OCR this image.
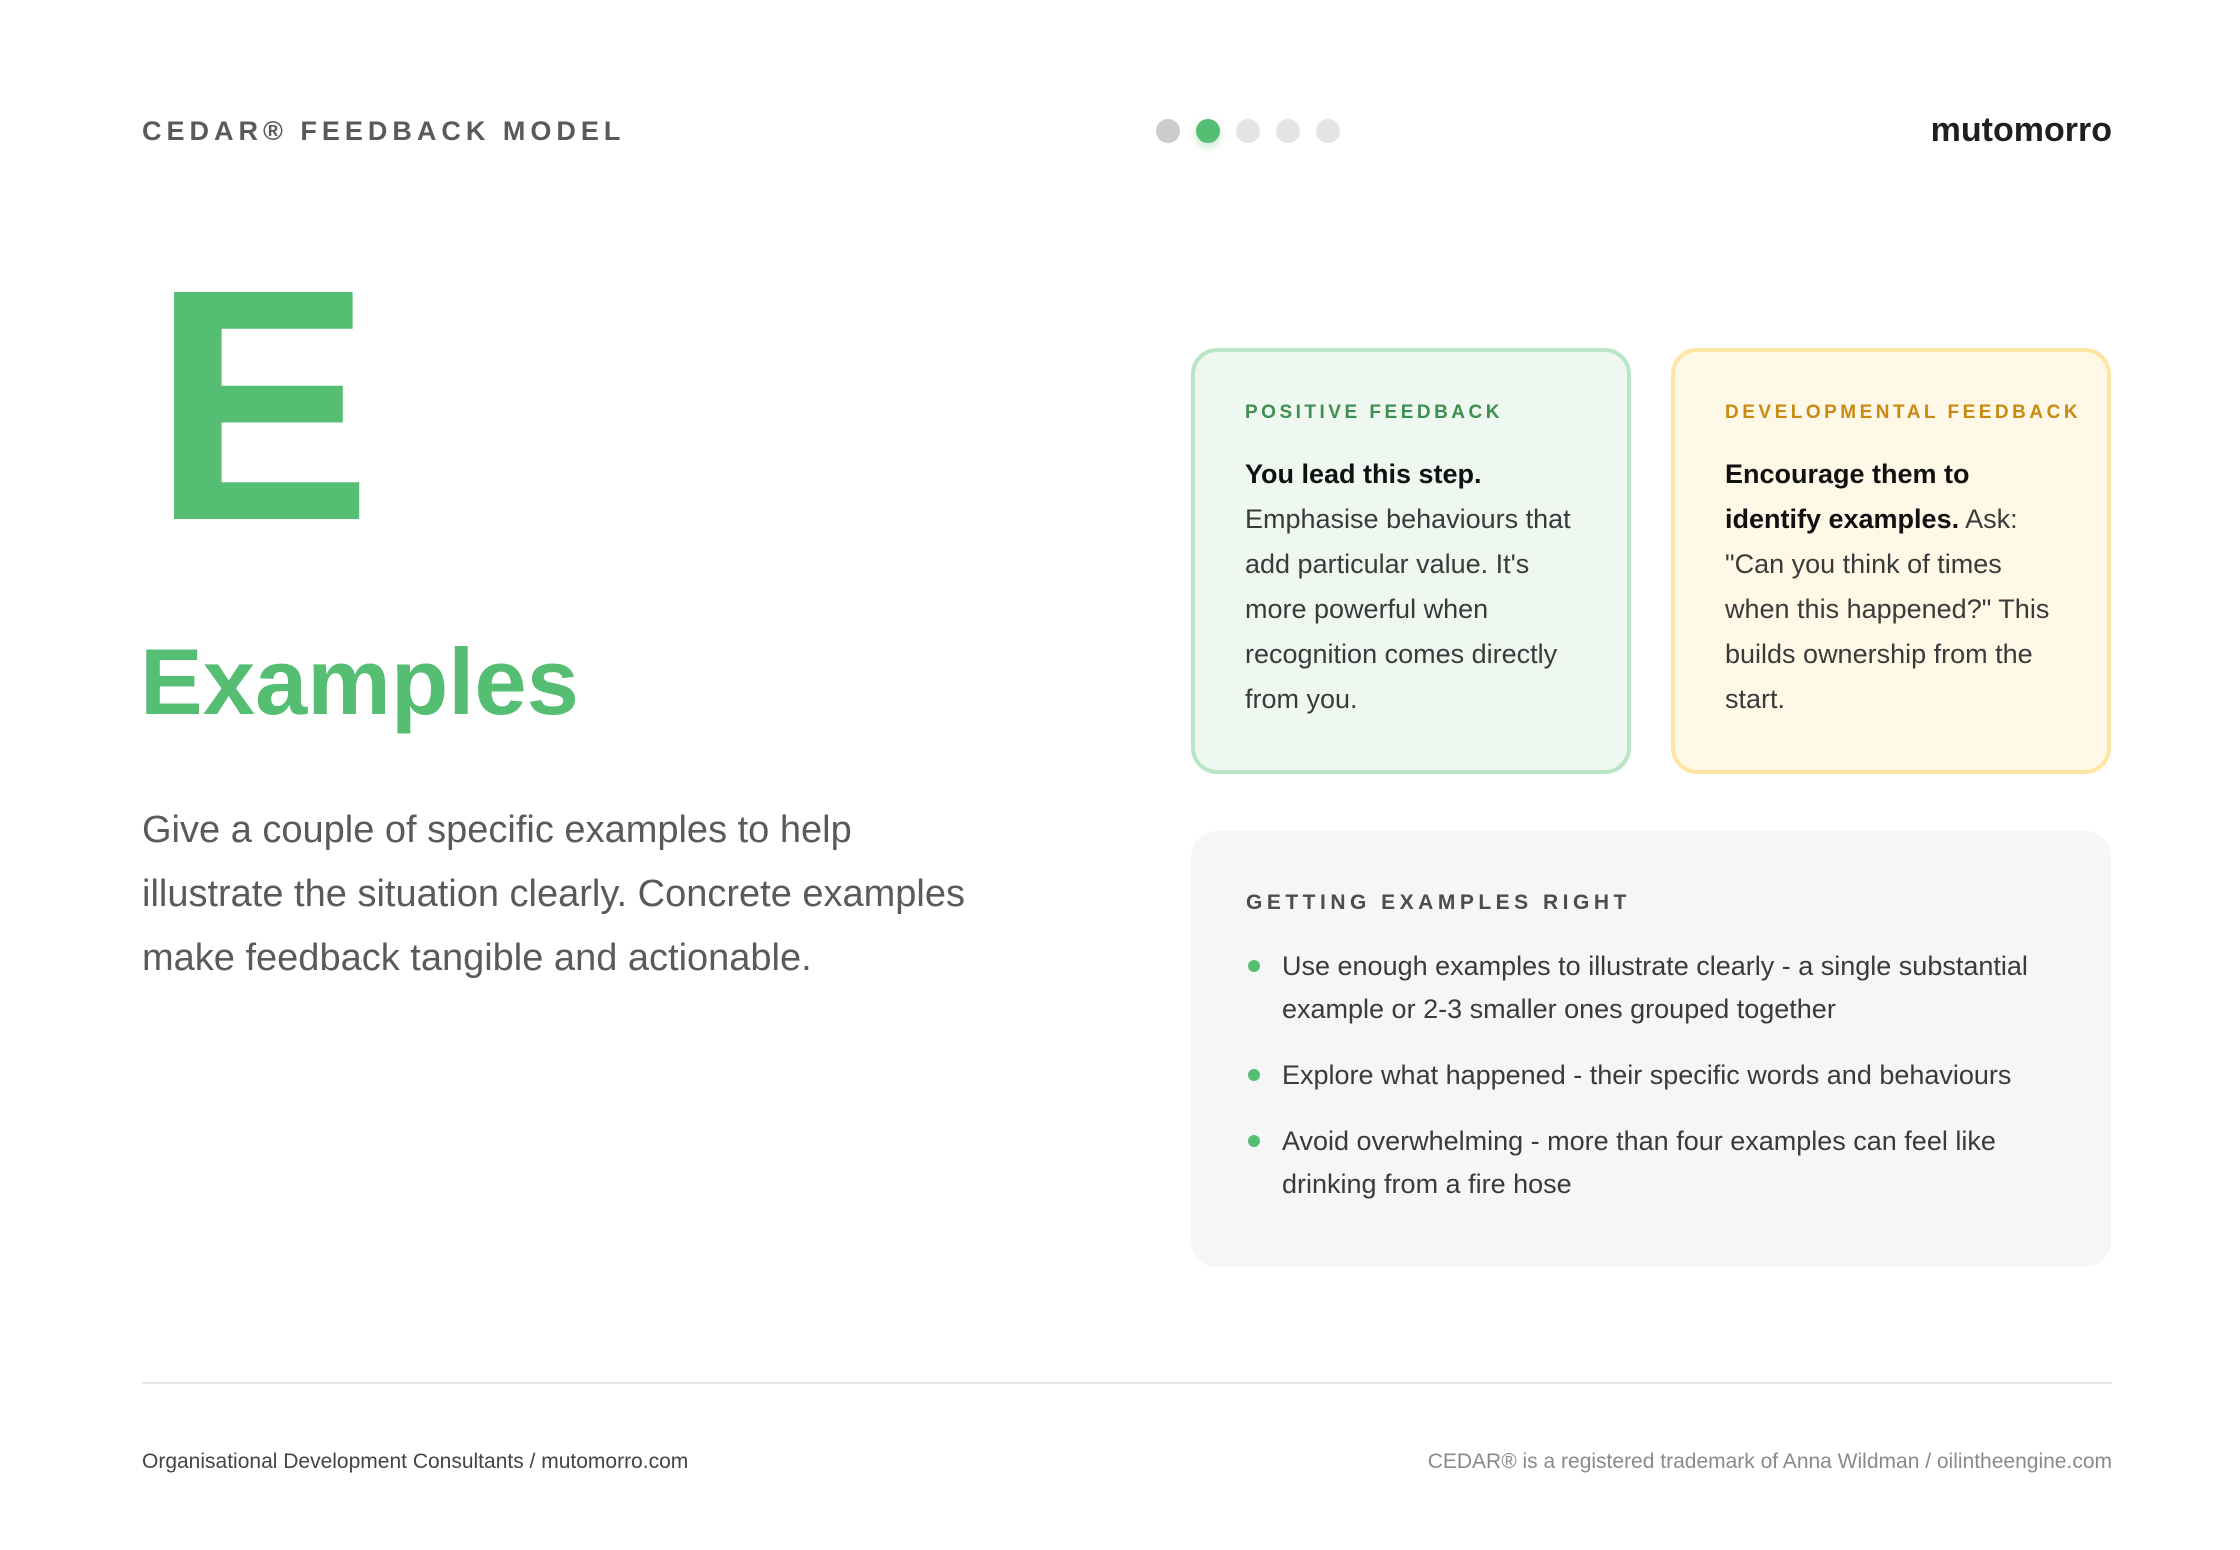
CEDAR® FEEDBACK MODEL	mutomorro
E
Examples
Give a couple of specific examples to help illustrate the situation clearly. Concrete examples make feedback tangible and actionable.
POSITIVE FEEDBACK
You lead this step. Emphasise behaviours that add particular value. It's more powerful when recognition comes directly from you.
DEVELOPMENTAL FEEDBACK
Encourage them to identify examples. Ask: "Can you think of times when this happened?" This builds ownership from the start.
GETTING EXAMPLES RIGHT
Use enough examples to illustrate clearly - a single substantial example or 2-3 smaller ones grouped together
Explore what happened - their specific words and behaviours
Avoid overwhelming - more than four examples can feel like drinking from a fire hose
Organisational Development Consultants / mutomorro.com	CEDAR® is a registered trademark of Anna Wildman / oilintheengine.com
